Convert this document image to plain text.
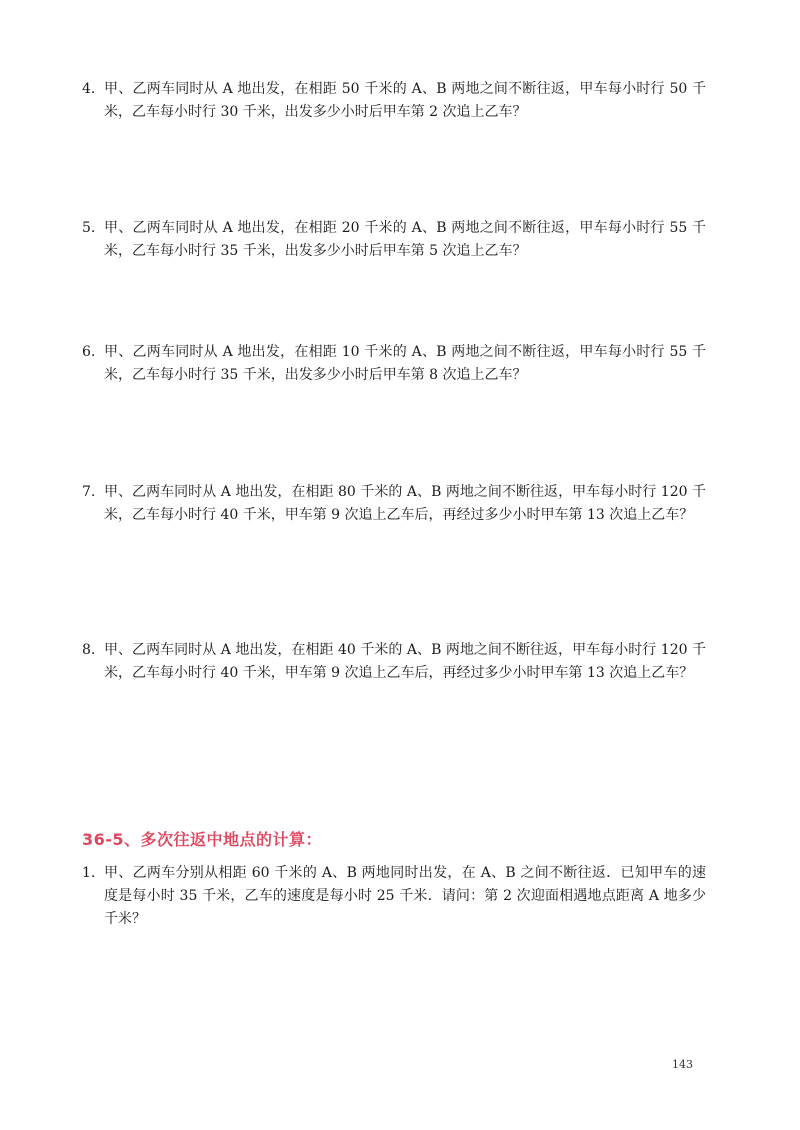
4. 甲、乙两车同时从 A 地出发，在相距 50 千米的 A、B 两地之间不断往返，甲车每小时行 50 千米，乙车每小时行 30 千米，出发多少小时后甲车第 2 次追上乙车？
5. 甲、乙两车同时从 A 地出发，在相距 20 千米的 A、B 两地之间不断往返，甲车每小时行 55 千米，乙车每小时行 35 千米，出发多少小时后甲车第 5 次追上乙车？
6. 甲、乙两车同时从 A 地出发，在相距 10 千米的 A、B 两地之间不断往返，甲车每小时行 55 千米，乙车每小时行 35 千米，出发多少小时后甲车第 8 次追上乙车？
7. 甲、乙两车同时从 A 地出发，在相距 80 千米的 A、B 两地之间不断往返，甲车每小时行 120 千米，乙车每小时行 40 千米，甲车第 9 次追上乙车后，再经过多少小时甲车第 13 次追上乙车？
8. 甲、乙两车同时从 A 地出发，在相距 40 千米的 A、B 两地之间不断往返，甲车每小时行 120 千米，乙车每小时行 40 千米，甲车第 9 次追上乙车后，再经过多少小时甲车第 13 次追上乙车？
36-5、多次往返中地点的计算：
1. 甲、乙两车分别从相距 60 千米的 A、B 两地同时出发，在 A、B 之间不断往返．已知甲车的速度是每小时 35 千米，乙车的速度是每小时 25 千米．请问：第 2 次迎面相遇地点距离 A 地多少千米？
143
